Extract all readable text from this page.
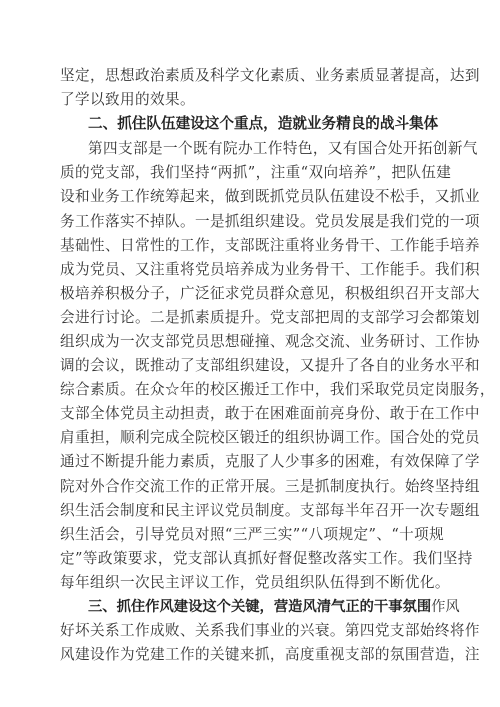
坚定，思想政治素质及科学文化素质、业务素质显著提高，达到
了学以致用的效果。
二、抓住队伍建设这个重点，造就业务精良的战斗集体
第四支部是一个既有院办工作特色，又有国合处开拓创新气
质的党支部，我们坚持“两抓”，注重“双向培养”，把队伍建
设和业务工作统筹起来，做到既抓党员队伍建设不松手，又抓业
务工作落实不掉队。一是抓组织建设。党员发展是我们党的一项
基础性、日常性的工作，支部既注重将业务骨干、工作能手培养
成为党员、又注重将党员培养成为业务骨干、工作能手。我们积
极培养积极分子，广泛征求党员群众意见，积极组织召开支部大
会进行讨论。二是抓素质提升。党支部把周的支部学习会都策划
组织成为一次支部党员思想碰撞、观念交流、业务研讨、工作协
调的会议，既推动了支部组织建设，又提升了各自的业务水平和
综合素质。在众☆年的校区搬迁工作中，我们采取党员定岗服务，
支部全体党员主动担责，敢于在困难面前亮身份、敢于在工作中
肩重担，顺利完成全院校区锻迁的组织协调工作。国合处的党员
通过不断提升能力素质，克服了人少事多的困难，有效保障了学
院对外合作交流工作的正常开展。三是抓制度执行。始终坚持组
织生活会制度和民主评议党员制度。支部每半年召开一次专题组
织生活会，引导党员对照“三严三实”“八项规定”、“十项规
定”等政策要求，党支部认真抓好督促整改落实工作。我们坚持
每年组织一次民主评议工作，党员组织队伍得到不断优化。
三、抓住作风建设这个关键，营造风清气正的干事氛围作风
好坏关系工作成败、关系我们事业的兴衰。第四党支部始终将作
风建设作为党建工作的关键来抓，高度重视支部的氛围营造，注
